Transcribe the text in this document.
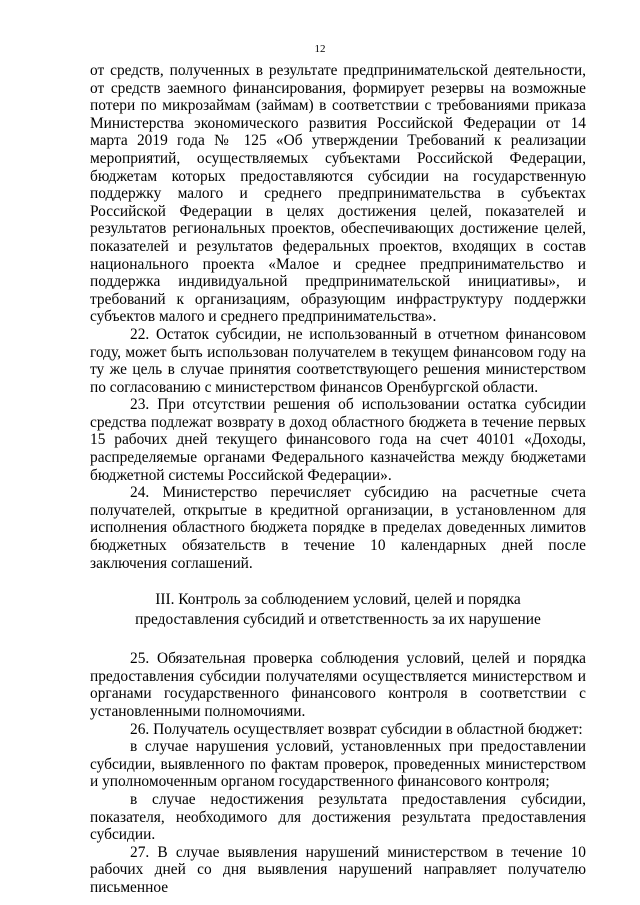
12

от средств, полученных в результате предпринимательской деятельности, от средств заемного финансирования, формирует резервы на возможные потери по микрозаймам (займам) в соответствии с требованиями приказа Министерства экономического развития Российской Федерации от 14 марта 2019 года № 125 «Об утверждении Требований к реализации мероприятий, осуществляемых субъектами Российской Федерации, бюджетам которых предоставляются субсидии на государственную поддержку малого и среднего предпринимательства в субъектах Российской Федерации в целях достижения целей, показателей и результатов региональных проектов, обеспечивающих достижение целей, показателей и результатов федеральных проектов, входящих в состав национального проекта «Малое и среднее предпринимательство и поддержка индивидуальной предпринимательской инициативы», и требований к организациям, образующим инфраструктуру поддержки субъектов малого и среднего предпринимательства».

22. Остаток субсидии, не использованный в отчетном финансовом году, может быть использован получателем в текущем финансовом году на ту же цель в случае принятия соответствующего решения министерством по согласованию с министерством финансов Оренбургской области.

23. При отсутствии решения об использовании остатка субсидии средства подлежат возврату в доход областного бюджета в течение первых 15 рабочих дней текущего финансового года на счет 40101 «Доходы, распределяемые органами Федерального казначейства между бюджетами бюджетной системы Российской Федерации».

24. Министерство перечисляет субсидию на расчетные счета получателей, открытые в кредитной организации, в установленном для исполнения областного бюджета порядке в пределах доведенных лимитов бюджетных обязательств в течение 10 календарных дней после заключения соглашений.

III. Контроль за соблюдением условий, целей и порядка
предоставления субсидий и ответственность за их нарушение

25. Обязательная проверка соблюдения условий, целей и порядка предоставления субсидии получателями осуществляется министерством и органами государственного финансового контроля в соответствии с установленными полномочиями.

26. Получатель осуществляет возврат субсидии в областной бюджет:

в случае нарушения условий, установленных при предоставлении субсидии, выявленного по фактам проверок, проведенных министерством и уполномоченным органом государственного финансового контроля;

в случае недостижения результата предоставления субсидии, показателя, необходимого для достижения результата предоставления субсидии.

27. В случае выявления нарушений министерством в течение 10 рабочих дней со дня выявления нарушений направляет получателю письменное
